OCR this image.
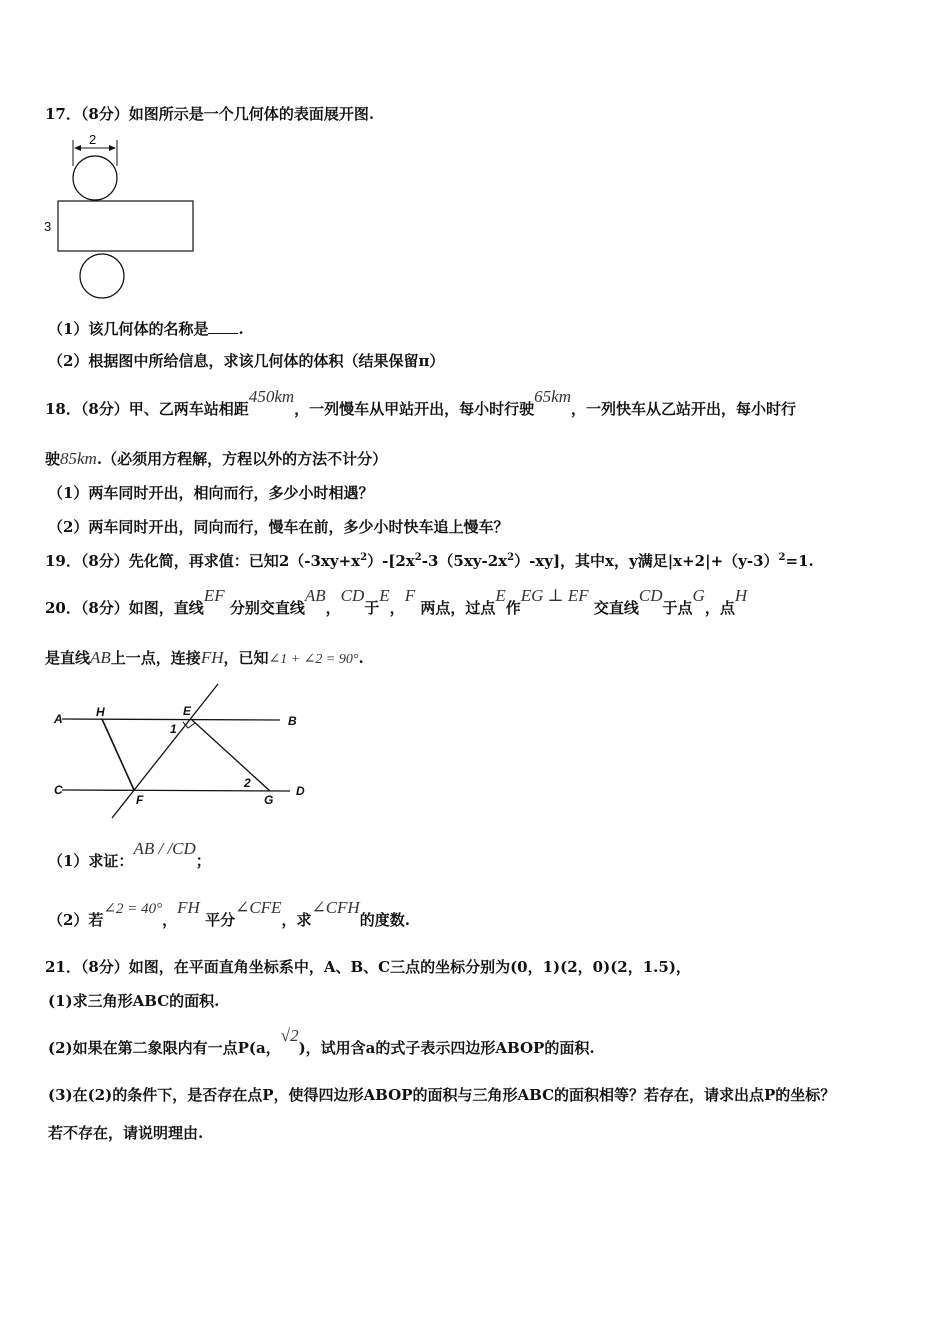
17．（8分）如图所示是一个几何体的表面展开图.
2
3
（1）该几何体的名称是 .
（2）根据图中所给信息，求该几何体的体积（结果保留π）
18．（8分）甲、乙两车站相距450km，一列慢车从甲站开出，每小时行驶65km，一列快车从乙站开出，每小时行
驶85km.（必须用方程解，方程以外的方法不计分）
（1）两车同时开出，相向而行，多少小时相遇？
（2）两车同时开出，同向而行，慢车在前，多少小时快车追上慢车？
19．（8分）先化简，再求值：已知$2(-3xy+x^2)-[2x^2-3(5xy-2x^2)-xy]$，其中x，y满足$|x+2|+(y-3)^2=1$.
20．（8分）如图，直线EF 分别交直线AB，CD于E，F 两点，过点E作EG ⊥ EF 交直线CD于点G，点H
是直线AB上一点，连接FH，已知∠1 + ∠2 = 90°.
A	H	E
B
1
2
C
F	G
D
（1）求证：AB / /CD；
（2）若∠2 = 40°，FH 平分∠CFE，求∠CFH的度数.
21．（8分）如图，在平面直角坐标系中，A、B、C三点的坐标分别为(0，1)(2，0)(2，1.5)，
(1)求三角形ABC的面积.
(2)如果在第二象限内有一点P(a，√2)，试用含a的式子表示四边形ABOP的面积.
(3)在(2)的条件下，是否存在点P，使得四边形ABOP的面积与三角形ABC的面积相等？若存在，请求出点P的坐标？
若不存在，请说明理由.
